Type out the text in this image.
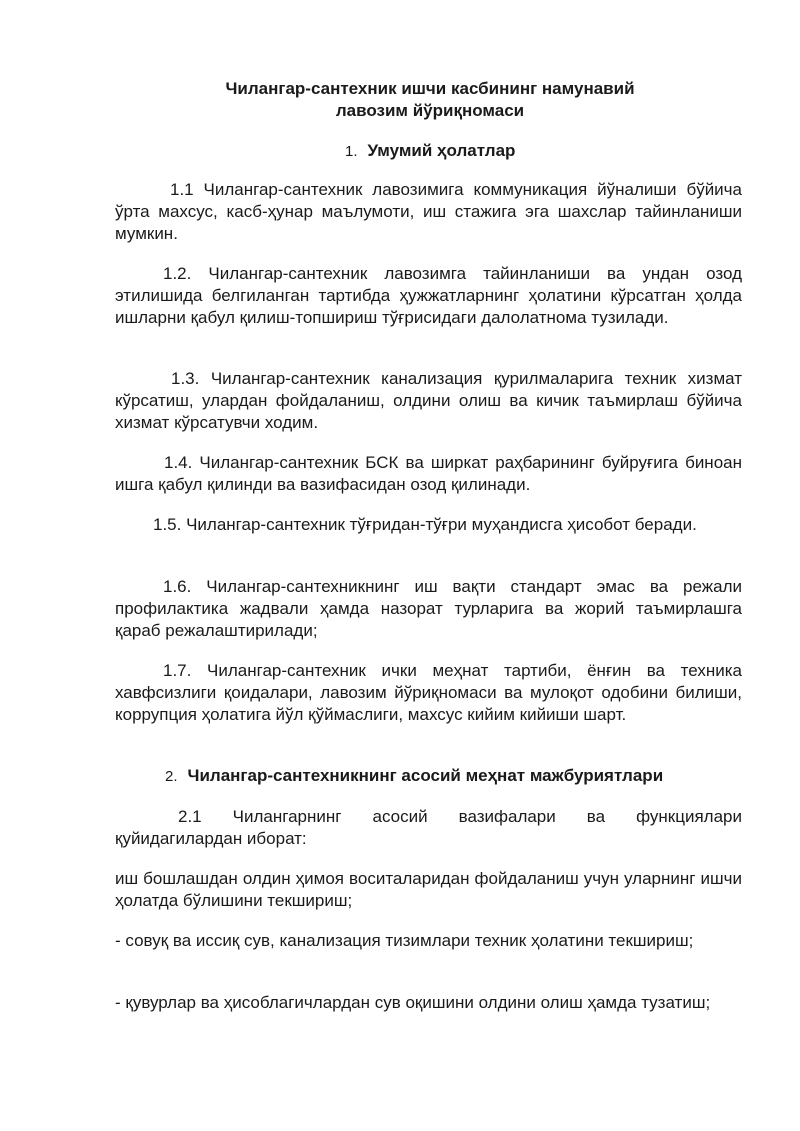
Чилангар-сантехник ишчи касбининг намунавий
лавозим йўриқномаси
1. Умумий ҳолатлар
1.1 Чилангар-сантехник лавозимига коммуникация йўналиши бўйича ўрта махсус, касб-ҳунар маълумоти, иш стажига эга шахслар тайинланиши мумкин.
1.2. Чилангар-сантехник лавозимга тайинланиши ва ундан озод этилишида белгиланган тартибда ҳужжатларнинг ҳолатини кўрсатган ҳолда ишларни қабул қилиш-топшириш тўғрисидаги далолатнома тузилади.
1.3. Чилангар-сантехник канализация қурилмаларига техник хизмат кўрсатиш, улардан фойдаланиш, олдини олиш ва кичик таъмирлаш бўйича хизмат кўрсатувчи ходим.
1.4. Чилангар-сантехник БСК ва ширкат раҳбарининг буйруғига биноан ишга қабул қилинди ва вазифасидан озод қилинади.
1.5. Чилангар-сантехник тўғридан-тўғри муҳандисга ҳисобот беради.
1.6. Чилангар-сантехникнинг иш вақти стандарт эмас ва режали профилактика жадвали ҳамда назорат турларига ва жорий таъмирлашга қараб режалаштирилади;
1.7. Чилангар-сантехник ички меҳнат тартиби, ёнғин ва техника хавфсизлиги қоидалари, лавозим йўриқномаси ва мулоқот одобини билиши, коррупция ҳолатига йўл қўймаслиги, махсус кийим кийиши шарт.
2. Чилангар-сантехникнинг асосий меҳнат мажбуриятлари
2.1 Чилангарнинг асосий вазифалари ва функциялари қуйидагилардан иборат:
иш бошлашдан олдин ҳимоя воситаларидан фойдаланиш учун уларнинг ишчи ҳолатда бўлишини текшириш;
- совуқ ва иссиқ сув, канализация тизимлари техник ҳолатини текшириш;
- қувурлар ва ҳисоблагичлардан сув оқишини олдини олиш ҳамда тузатиш;
